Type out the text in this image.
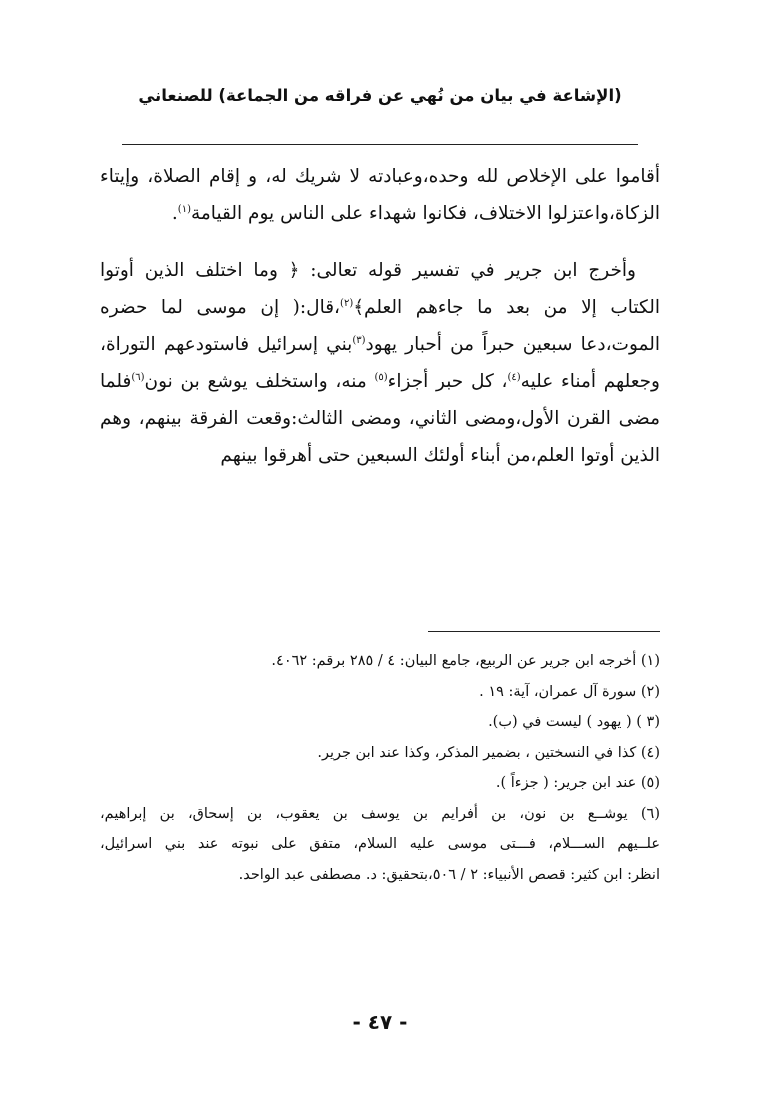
(الإشاعة في بيان من نُهي عن فراقه من الجماعة) للصنعاني

أقاموا على الإخلاص لله وحده،وعبادته لا شريك له، و إقام الصلاة، وإيتاء الزكاة،واعتزلوا الاختلاف، فكانوا شهداء على الناس يوم القيامة$^{(١)}$.

وأخرج ابن جرير في تفسير قوله تعالى: ﴿ وما اختلف الذين أوتوا الكتاب إلا من بعد ما جاءهم العلم﴾$^{(٢)}$،قال:( إن موسى لما حضره الموت،دعا سبعين حبراً من أحبار يهود$^{(٣)}$بني إسرائيل فاستودعهم التوراة، وجعلهم أمناء عليه$^{(٤)}$، كل حبر أجزاء$^{(٥)}$ منه، واستخلف يوشع بن نون$^{(٦)}$فلما مضى القرن الأول،ومضى الثاني، ومضى الثالث:وقعت الفرقة بينهم، وهم الذين أوتوا العلم،من أبناء أولئك السبعين حتى أهرقوا بينهم

(١) أخرجه ابن جرير عن الربيع، جامع البيان: ٤ / ٢٨٥ برقم: ٤٠٦٢.
(٢) سورة آل عمران، آية: ١٩ .
(٣ ) ( يهود ) ليست في (ب).
(٤) كذا في النسختين ، بضمير المذكر، وكذا عند ابن جرير.
(٥) عند ابن جرير: ( جزءاً ).
(٦) يوشــع بن نون، بن أفرايم بن يوسف بن يعقوب، بن إسحاق، بن إبراهيم،
علــيهم الســـلام، فـــتى موسى عليه السلام، متفق على نبوته عند بني اسرائيل،
انظر: ابن كثير: قصص الأنبياء: ٢ / ٥٠٦،بتحقيق: د. مصطفى عبد الواحد.
- ٤٧ -
